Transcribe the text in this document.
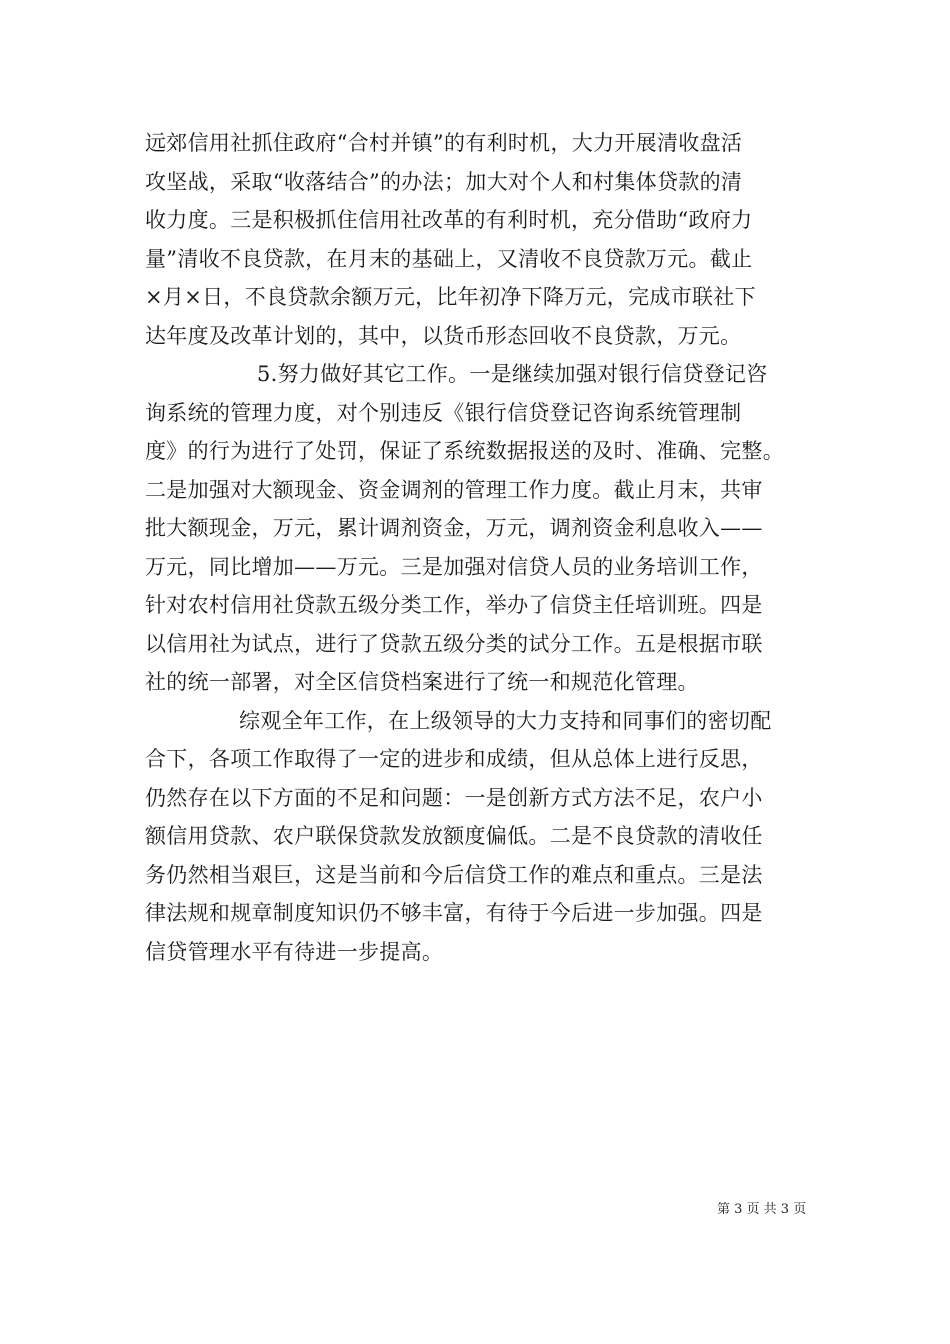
远郊信用社抓住政府“合村并镇”的有利时机，大力开展清收盘活
攻坚战，采取“收落结合”的办法；加大对个人和村集体贷款的清
收力度。三是积极抓住信用社改革的有利时机，充分借助“政府力
量”清收不良贷款，在月末的基础上，又清收不良贷款万元。截止
×月×日，不良贷款余额万元，比年初净下降万元，完成市联社下
达年度及改革计划的，其中，以货币形态回收不良贷款，万元。
5.努力做好其它工作。一是继续加强对银行信贷登记咨
询系统的管理力度，对个别违反《银行信贷登记咨询系统管理制
度》的行为进行了处罚，保证了系统数据报送的及时、准确、完整。
二是加强对大额现金、资金调剂的管理工作力度。截止月末，共审
批大额现金，万元，累计调剂资金，万元，调剂资金利息收入——
万元，同比增加——万元。三是加强对信贷人员的业务培训工作，
针对农村信用社贷款五级分类工作，举办了信贷主任培训班。四是
以信用社为试点，进行了贷款五级分类的试分工作。五是根据市联
社的统一部署，对全区信贷档案进行了统一和规范化管理。
综观全年工作，在上级领导的大力支持和同事们的密切配
合下，各项工作取得了一定的进步和成绩，但从总体上进行反思，
仍然存在以下方面的不足和问题：一是创新方式方法不足，农户小
额信用贷款、农户联保贷款发放额度偏低。二是不良贷款的清收任
务仍然相当艰巨，这是当前和今后信贷工作的难点和重点。三是法
律法规和规章制度知识仍不够丰富，有待于今后进一步加强。四是
信贷管理水平有待进一步提高。
第 3 页 共 3 页
